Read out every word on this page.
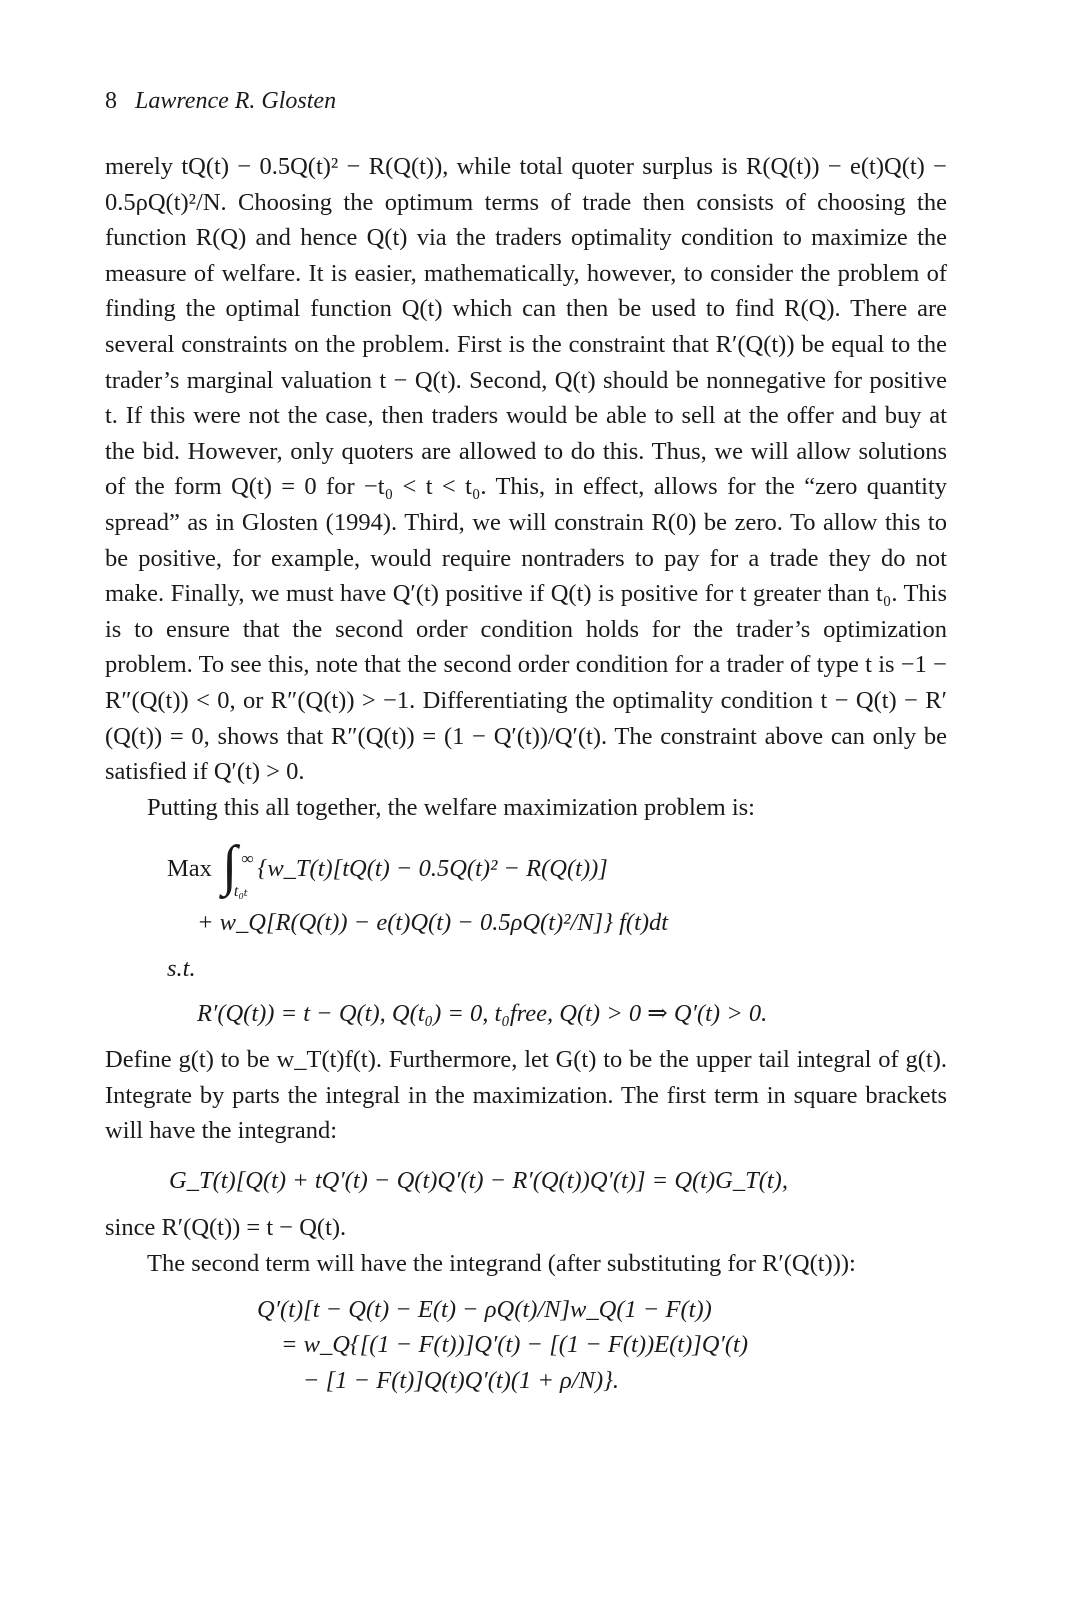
8 Lawrence R. Glosten

merely tQ(t) − 0.5Q(t)² − R(Q(t)), while total quoter surplus is R(Q(t)) − e(t)Q(t) − 0.5ρQ(t)²/N. Choosing the optimum terms of trade then consists of choosing the function R(Q) and hence Q(t) via the traders optimality condition to maximize the measure of welfare. It is easier, mathematically, however, to consider the problem of finding the optimal function Q(t) which can then be used to find R(Q). There are several constraints on the problem. First is the constraint that R′(Q(t)) be equal to the trader’s marginal valuation t − Q(t). Second, Q(t) should be nonnegative for positive t. If this were not the case, then traders would be able to sell at the offer and buy at the bid. However, only quoters are allowed to do this. Thus, we will allow solutions of the form Q(t) = 0 for −t₀ < t < t₀. This, in effect, allows for the “zero quantity spread” as in Glosten (1994). Third, we will constrain R(0) be zero. To allow this to be positive, for example, would require nontraders to pay for a trade they do not make. Finally, we must have Q′(t) positive if Q(t) is positive for t greater than t₀. This is to ensure that the second order condition holds for the trader’s optimization problem. To see this, note that the second order condition for a trader of type t is −1 − R″(Q(t)) < 0, or R″(Q(t)) > −1. Differentiating the optimality condition t − Q(t) − R′(Q(t)) = 0, shows that R″(Q(t)) = (1 − Q′(t))/Q′(t). The constraint above can only be satisfied if Q′(t) > 0.

Putting this all together, the welfare maximization problem is:

Max ∫ ∞
t₀ₜ
{w_T(t)[tQ(t) − 0.5Q(t)² − R(Q(t))]
+ w_Q[R(Q(t)) − e(t)Q(t) − 0.5ρQ(t)²/N]} f(t)dt
s.t.
R′(Q(t)) = t − Q(t), Q(t₀) = 0, t₀free, Q(t) > 0 ⇒ Q′(t) > 0.

Define g(t) to be w_T(t)f(t). Furthermore, let G(t) to be the upper tail integral of g(t). Integrate by parts the integral in the maximization. The first term in square brackets will have the integrand:

G_T(t)[Q(t) + tQ′(t) − Q(t)Q′(t) − R′(Q(t))Q′(t)] = Q(t)G_T(t),

since R′(Q(t)) = t − Q(t).

The second term will have the integrand (after substituting for R′(Q(t))):

Q′(t)[t − Q(t) − E(t) − ρQ(t)/N]w_Q(1 − F(t))
= w_Q{[(1 − F(t))]Q′(t) − [(1 − F(t))E(t)]Q′(t)
− [1 − F(t)]Q(t)Q′(t)(1 + ρ/N)}.
